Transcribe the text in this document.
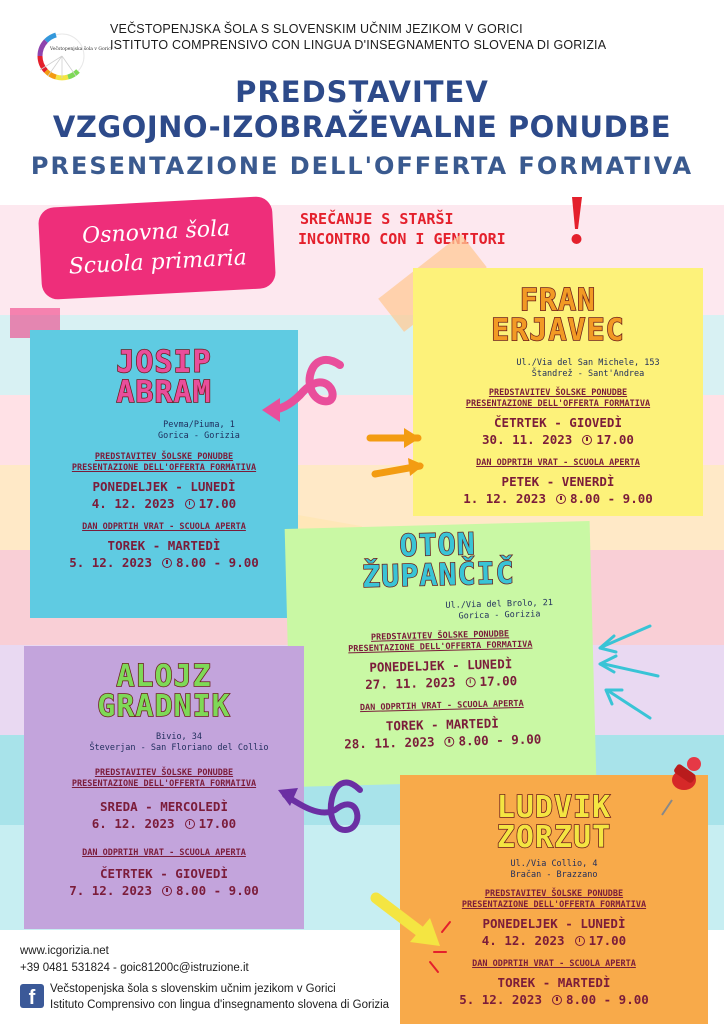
Večstopenjska šola v Gorici
VEČSTOPENJSKA ŠOLA S SLOVENSKIM UČNIM JEZIKOM V GORICI
ISTITUTO COMPRENSIVO CON LINGUA D'INSEGNAMENTO SLOVENA DI GORIZIA
PREDSTAVITEV
VZGOJNO-IZOBRAŽEVALNE PONUDBE
PRESENTAZIONE DELL'OFFERTA FORMATIVA
Osnovna šola
Scuola primaria
SREČANJE S STARŠI
INCONTRO CON I GENITORI
JOSIP
ABRAM
Pevma/Piuma, 1
Gorica - Gorizia
PREDSTAVITEV ŠOLSKE PONUDBE
PRESENTAZIONE DELL'OFFERTA FORMATIVA
PONEDELJEK - LUNEDÌ
4. 12. 2023 17.00
DAN ODPRTIH VRAT - SCUOLA APERTA
TOREK - MARTEDÌ
5. 12. 2023 8.00 - 9.00
FRAN
ERJAVEC
Ul./Via del San Michele, 153
Štandrež - Sant'Andrea
PREDSTAVITEV ŠOLSKE PONUDBE
PRESENTAZIONE DELL'OFFERTA FORMATIVA
ČETRTEK - GIOVEDÌ
30. 11. 2023 17.00
DAN ODPRTIH VRAT - SCUOLA APERTA
PETEK - VENERDÌ
1. 12. 2023 8.00 - 9.00
OTON
ŽUPANČIČ
Ul./Via del Brolo, 21
Gorica - Gorizia
PREDSTAVITEV ŠOLSKE PONUDBE
PRESENTAZIONE DELL'OFFERTA FORMATIVA
PONEDELJEK - LUNEDÌ
27. 11. 2023 17.00
DAN ODPRTIH VRAT - SCUOLA APERTA
TOREK - MARTEDÌ
28. 11. 2023 8.00 - 9.00
ALOJZ
GRADNIK
Bivio, 34
Števerjan - San Floriano del Collio
PREDSTAVITEV ŠOLSKE PONUDBE
PRESENTAZIONE DELL'OFFERTA FORMATIVA
SREDA - MERCOLEDÌ
6. 12. 2023 17.00
DAN ODPRTIH VRAT - SCUOLA APERTA
ČETRTEK - GIOVEDÌ
7. 12. 2023 8.00 - 9.00
LUDVIK
ZORZUT
Ul./Via Collio, 4
Bračan - Brazzano
PREDSTAVITEV ŠOLSKE PONUDBE
PRESENTAZIONE DELL'OFFERTA FORMATIVA
PONEDELJEK - LUNEDÌ
4. 12. 2023 17.00
DAN ODPRTIH VRAT - SCUOLA APERTA
TOREK - MARTEDÌ
5. 12. 2023 8.00 - 9.00
www.icgorizia.net
+39 0481 531824 - goic81200c@istruzione.it
f	Večstopenjska šola s slovenskim učnim jezikom v Gorici
Istituto Comprensivo con lingua d'insegnamento slovena di Gorizia
